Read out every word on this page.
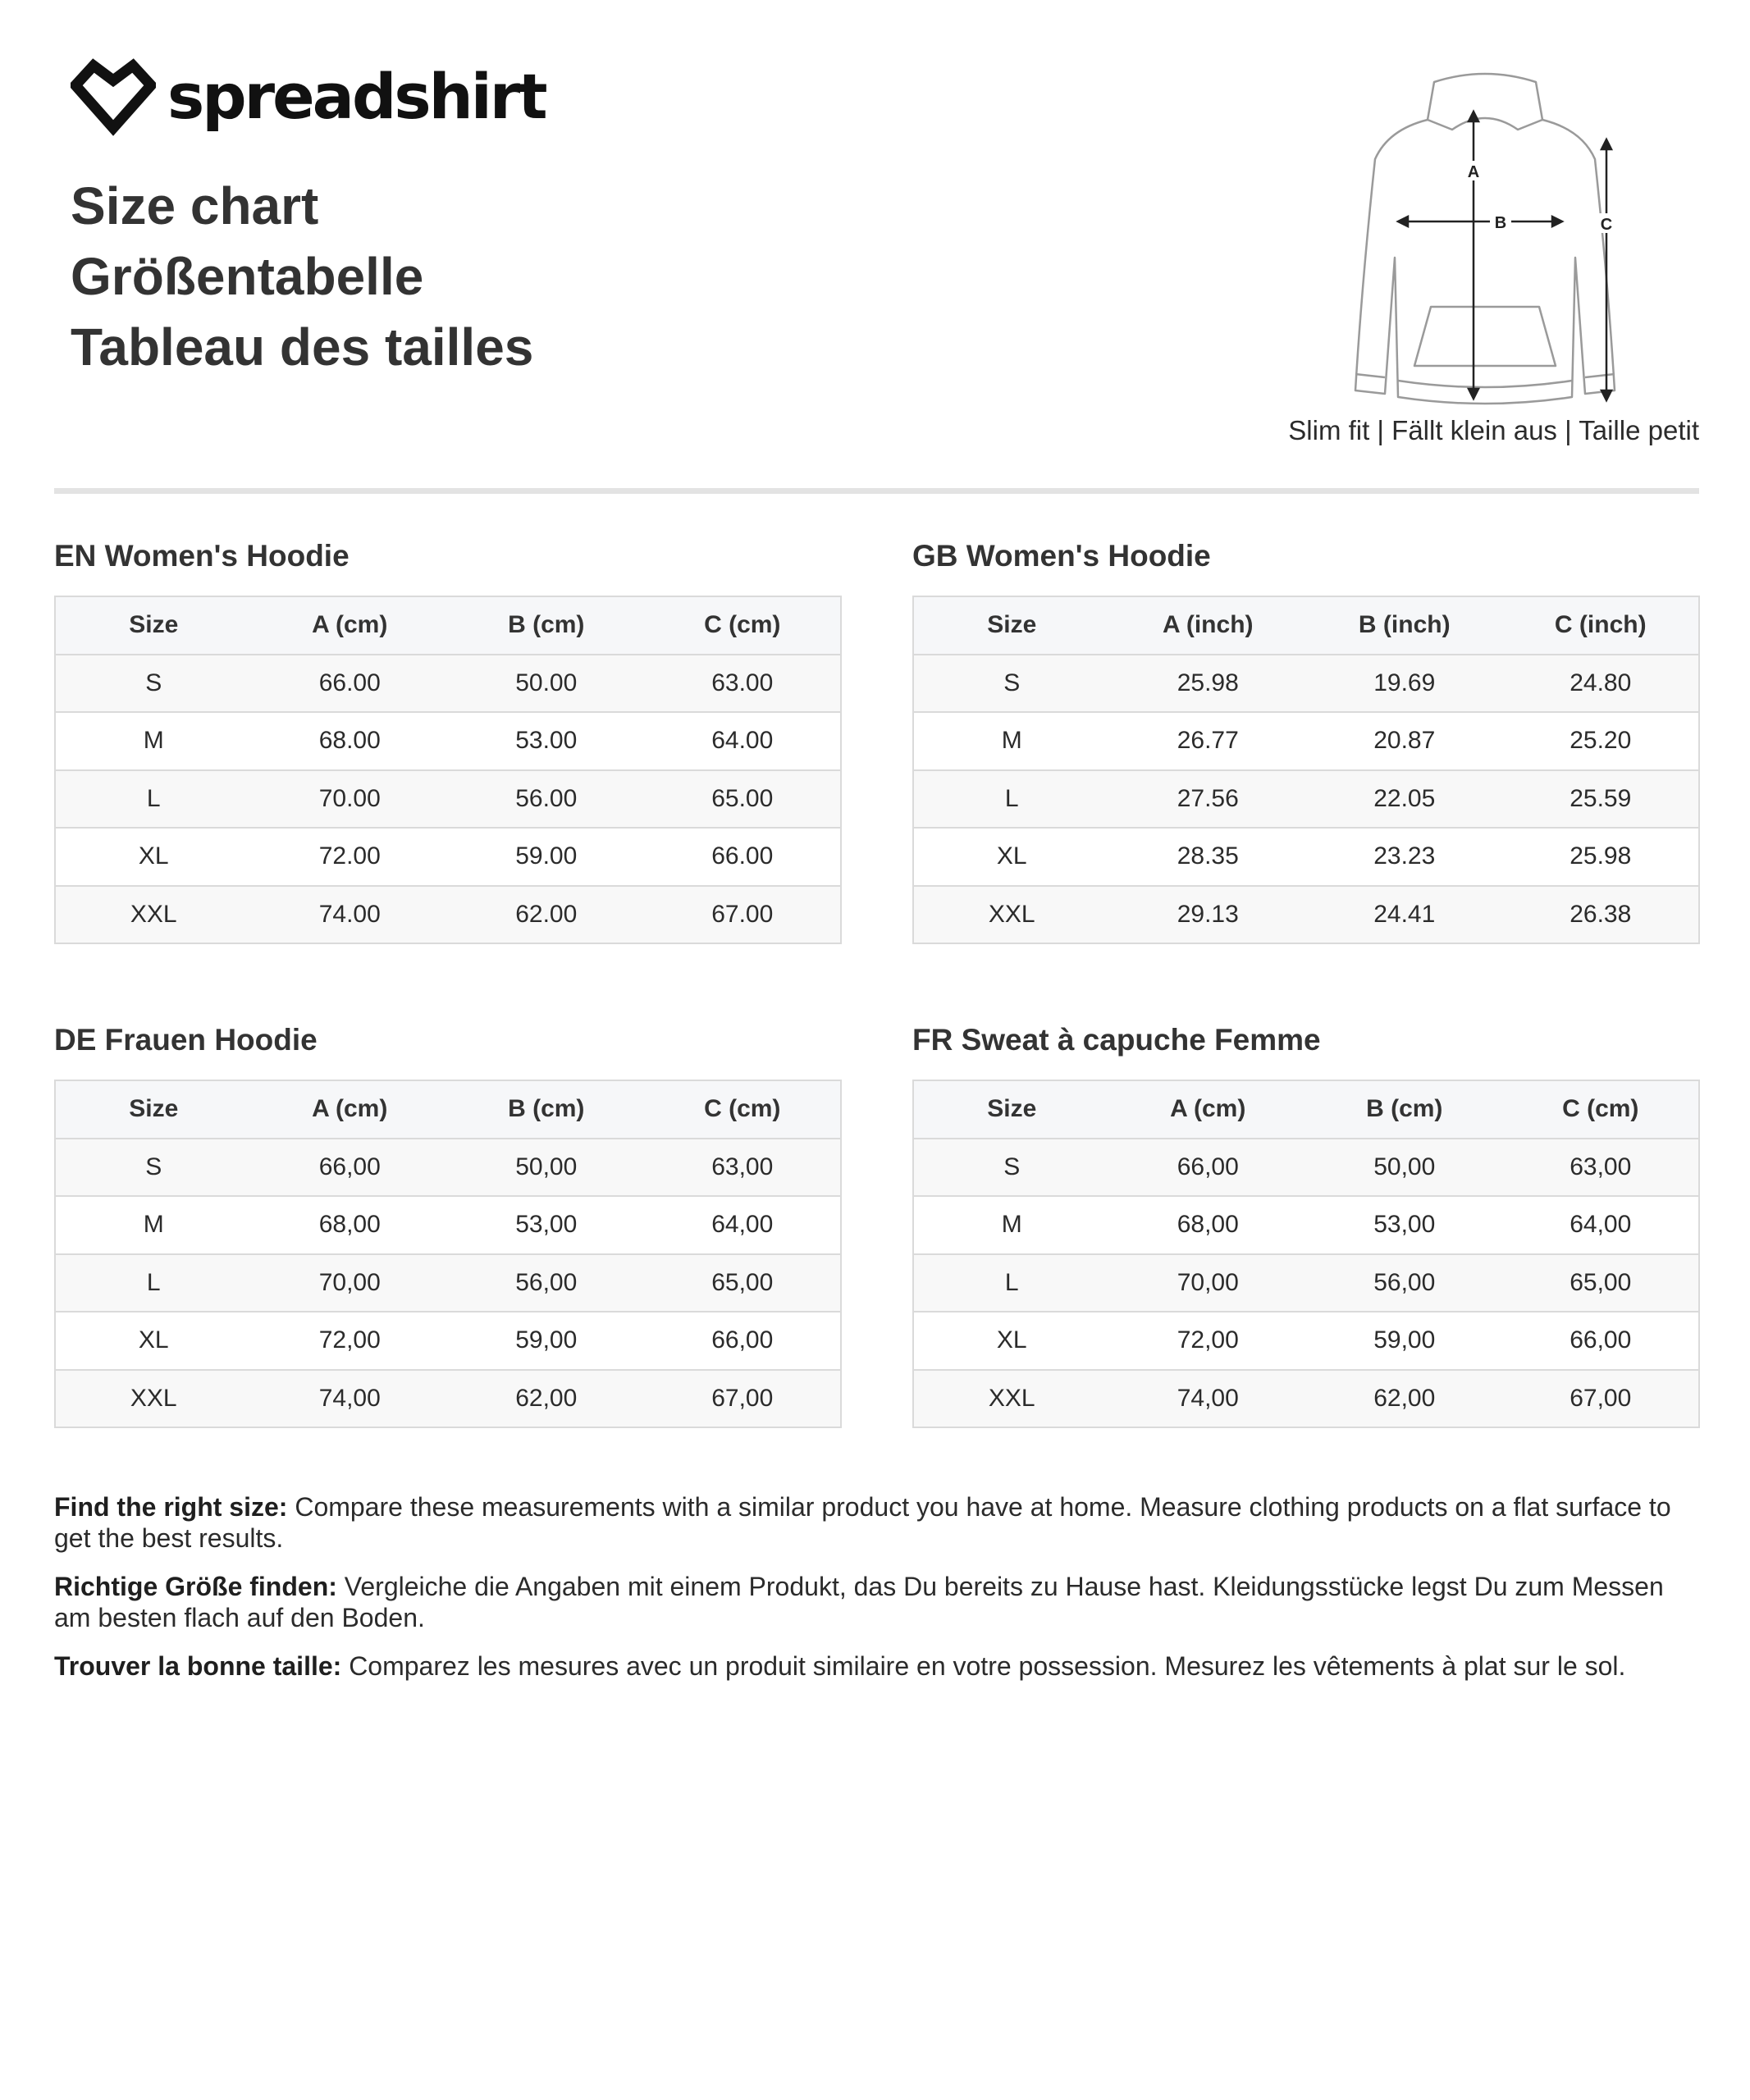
spreadshirt
Size chart
Größentabelle
Tableau des tailles
A
B	C
Slim fit | Fällt klein aus | Taille petit
EN Women's Hoodie
Size	A (cm)	B (cm)	C (cm)
S	66.00	50.00	63.00
M	68.00	53.00	64.00
L	70.00	56.00	65.00
XL	72.00	59.00	66.00
XXL	74.00	62.00	67.00
GB Women's Hoodie
Size	A (inch)	B (inch)	C (inch)
S	25.98	19.69	24.80
M	26.77	20.87	25.20
L	27.56	22.05	25.59
XL	28.35	23.23	25.98
XXL	29.13	24.41	26.38
DE Frauen Hoodie
Size	A (cm)	B (cm)	C (cm)
S	66,00	50,00	63,00
M	68,00	53,00	64,00
L	70,00	56,00	65,00
XL	72,00	59,00	66,00
XXL	74,00	62,00	67,00
FR Sweat à capuche Femme
Size	A (cm)	B (cm)	C (cm)
S	66,00	50,00	63,00
M	68,00	53,00	64,00
L	70,00	56,00	65,00
XL	72,00	59,00	66,00
XXL	74,00	62,00	67,00

Find the right size: Compare these measurements with a similar product you have at home. Measure clothing products on a flat surface to get the best results.

Richtige Größe finden: Vergleiche die Angaben mit einem Produkt, das Du bereits zu Hause hast. Kleidungsstücke legst Du zum Messen am besten flach auf den Boden.

Trouver la bonne taille: Comparez les mesures avec un produit similaire en votre possession. Mesurez les vêtements à plat sur le sol.
